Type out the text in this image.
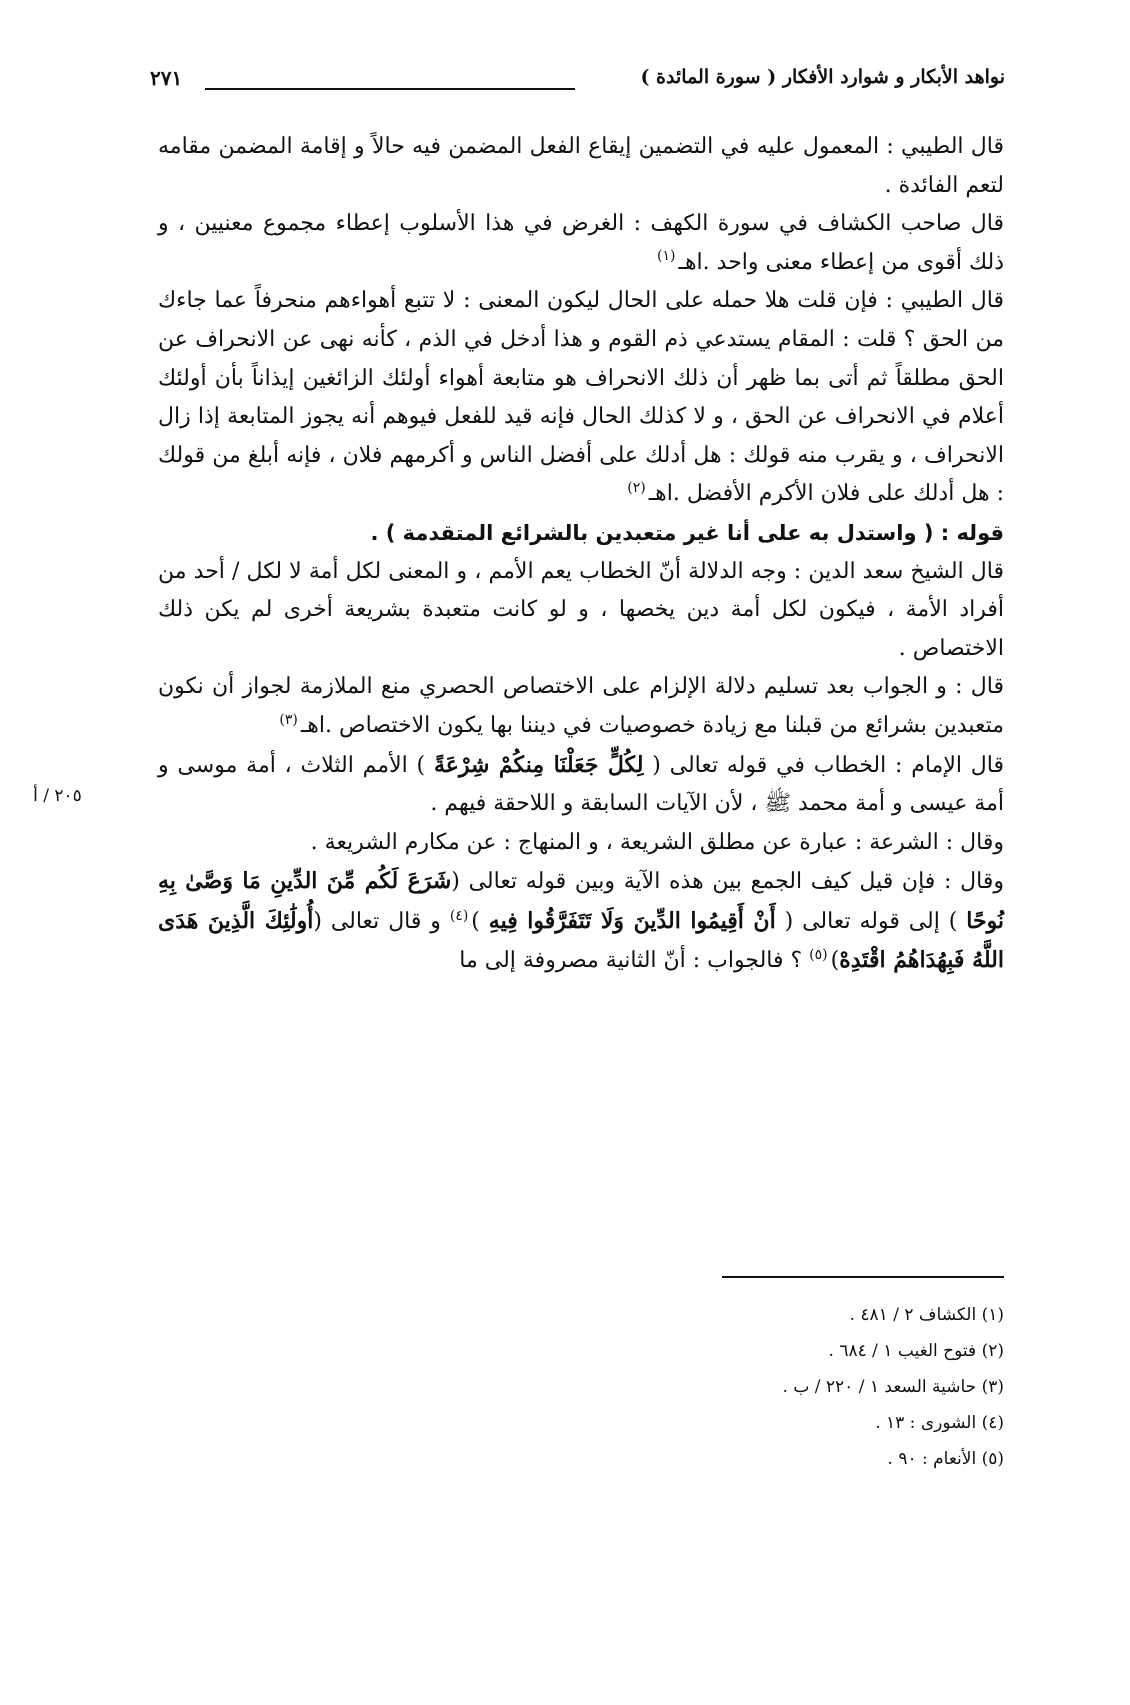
نواهد الأبكار و شوارد الأفكار ( سورة المائدة )
٢٧١
٢٠٥ / أ

قال الطيبي : المعمول عليه في التضمين إيقاع الفعل المضمن فيه حالاً و إقامة المضمن مقامه لتعم الفائدة .

قال صاحب الكشاف في سورة الكهف : الغرض في هذا الأسلوب إعطاء مجموع معنيين ، و ذلك أقوى من إعطاء معنى واحد .اهـ$^{(١)}$

قال الطيبي : فإن قلت هلا حمله على الحال ليكون المعنى : لا تتبع أهواءهم منحرفاً عما جاءك من الحق ؟ قلت : المقام يستدعي ذم القوم و هذا أدخل في الذم ، كأنه نهى عن الانحراف عن الحق مطلقاً ثم أتى بما ظهر أن ذلك الانحراف هو متابعة أهواء أولئك الزائغين إيذاناً بأن أولئك أعلام في الانحراف عن الحق ، و لا كذلك الحال فإنه قيد للفعل فيوهم أنه يجوز المتابعة إذا زال الانحراف ، و يقرب منه قولك : هل أدلك على أفضل الناس و أكرمهم فلان ، فإنه أبلغ من قولك : هل أدلك على فلان الأكرم الأفضل .اهـ$^{(٢)}$

قوله : ( واستدل به على أنا غير متعبدين بالشرائع المتقدمة ) .

قال الشيخ سعد الدين : وجه الدلالة أنّ الخطاب يعم الأمم ، و المعنى لكل أمة لا لكل / أحد من أفراد الأمة ، فيكون لكل أمة دين يخصها ، و لو كانت متعبدة بشريعة أخرى لم يكن ذلك الاختصاص .

قال : و الجواب بعد تسليم دلالة الإلزام على الاختصاص الحصري منع الملازمة لجواز أن نكون متعبدين بشرائع من قبلنا مع زيادة خصوصيات في ديننا بها يكون الاختصاص .اهـ$^{(٣)}$

قال الإمام : الخطاب في قوله تعالى ( لِكُلٍّ جَعَلْنَا مِنكُمْ شِرْعَةً ) الأمم الثلاث ، أمة موسى و أمة عيسى و أمة محمد ﷺ ، لأن الآيات السابقة و اللاحقة فيهم .

وقال : الشرعة : عبارة عن مطلق الشريعة ، و المنهاج : عن مكارم الشريعة .

وقال : فإن قيل كيف الجمع بين هذه الآية وبين قوله تعالى (شَرَعَ لَكُم مِّنَ الدِّينِ مَا وَصَّىٰ بِهِ نُوحًا ) إلى قوله تعالى ( أَنْ أَقِيمُوا الدِّينَ وَلَا تَتَفَرَّقُوا فِيهِ )$^{(٤)}$ و قال تعالى (أُولَٰئِكَ الَّذِينَ هَدَى اللَّهُ فَبِهُدَاهُمُ اقْتَدِهْ)$^{(٥)}$ ؟ فالجواب : أنّ الثانية مصروفة إلى ما

(١) الكشاف ٢ / ٤٨١ .
(٢) فتوح الغيب ١ / ٦٨٤ .
(٣) حاشية السعد ١ / ٢٢٠ / ب .
(٤) الشورى : ١٣ .
(٥) الأنعام : ٩٠ .
